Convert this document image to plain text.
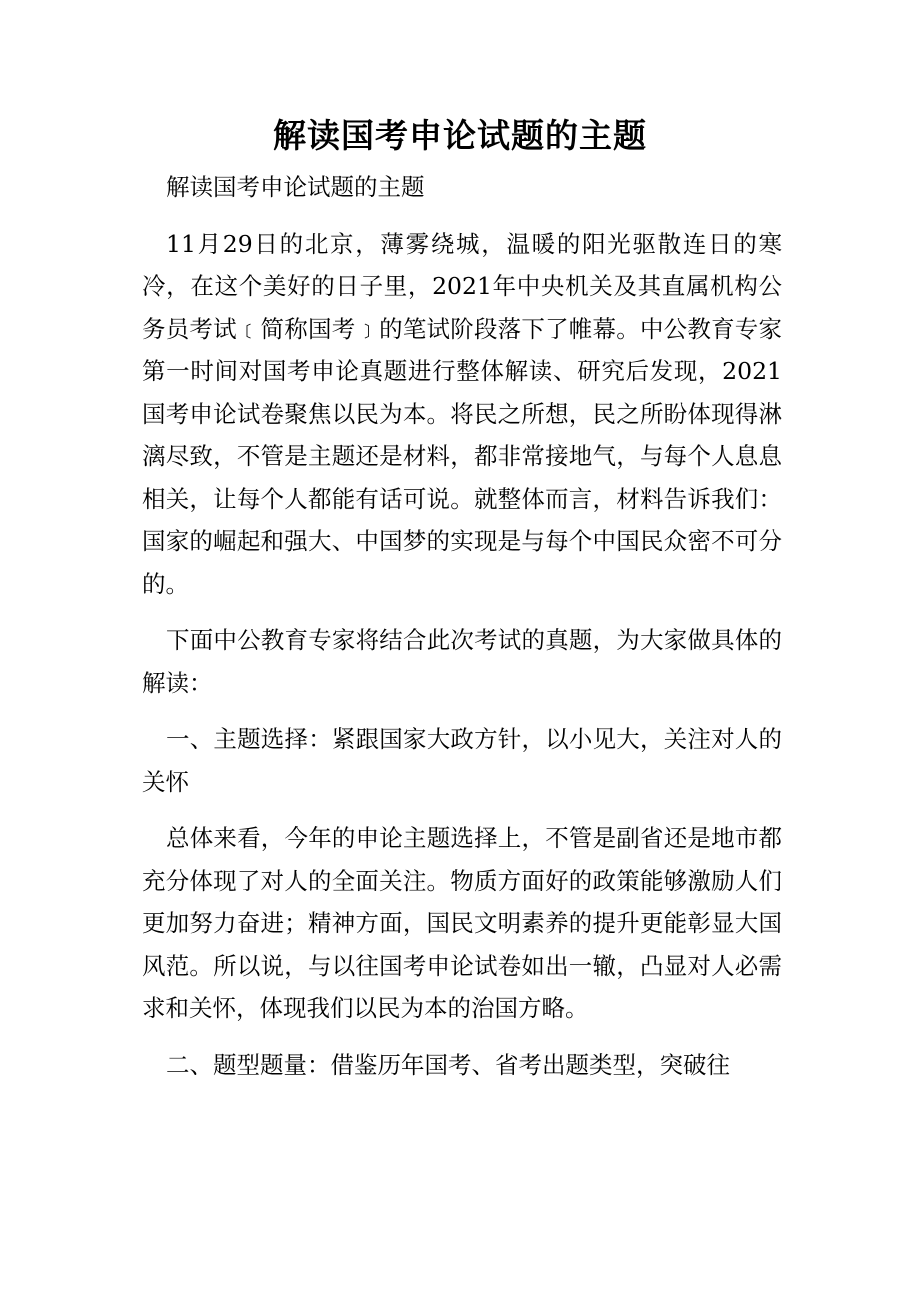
解读国考申论试题的主题

解读国考申论试题的主题

11月29日的北京，薄雾绕城，温暖的阳光驱散连日的寒冷，在这个美好的日子里，2021年中央机关及其直属机构公务员考试﹝简称国考﹞的笔试阶段落下了帷幕。中公教育专家第一时间对国考申论真题进行整体解读、研究后发现，2021国考申论试卷聚焦以民为本。将民之所想，民之所盼体现得淋漓尽致，不管是主题还是材料，都非常接地气，与每个人息息相关，让每个人都能有话可说。就整体而言，材料告诉我们：国家的崛起和强大、中国梦的实现是与每个中国民众密不可分的。

下面中公教育专家将结合此次考试的真题，为大家做具体的解读：

一、主题选择：紧跟国家大政方针，以小见大，关注对人的关怀

总体来看，今年的申论主题选择上，不管是副省还是地市都充分体现了对人的全面关注。物质方面好的政策能够激励人们更加努力奋进；精神方面，国民文明素养的提升更能彰显大国风范。所以说，与以往国考申论试卷如出一辙，凸显对人必需求和关怀，体现我们以民为本的治国方略。

二、题型题量：借鉴历年国考、省考出题类型，突破往
